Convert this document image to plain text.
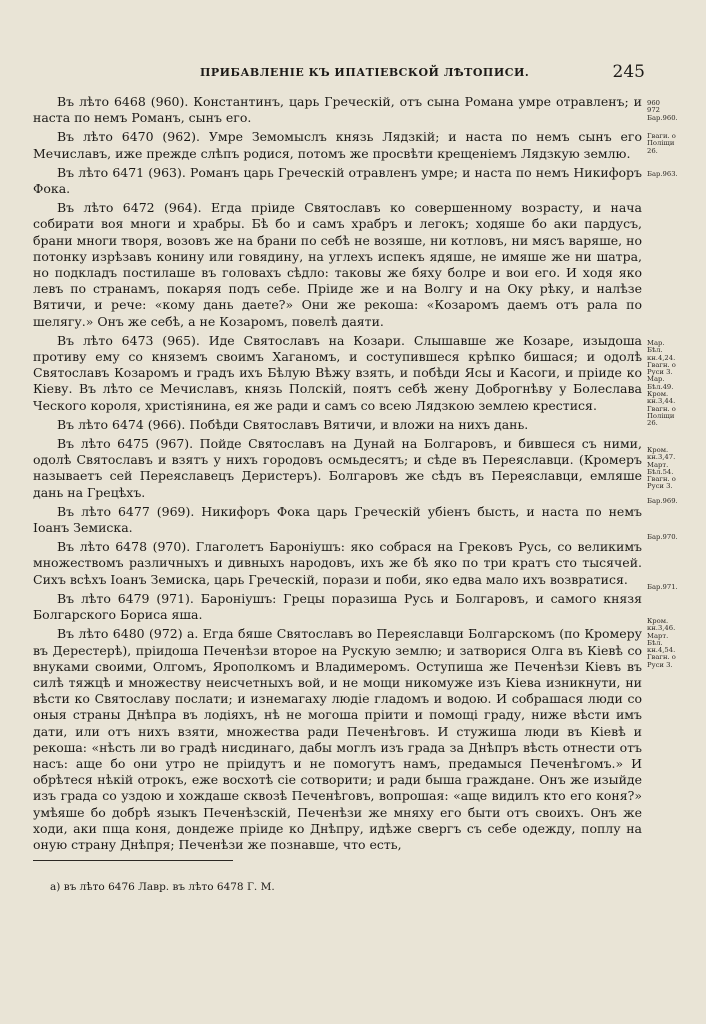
ПРИБАВЛЕНІЕ КЪ ИПАТІЕВСКОЙ ЛѢТОПИСИ.	245

Въ лѣто 6468 (960). Константинъ, царь Греческій, отъ сына Романа умре отравленъ; и наста по немъ Романъ, сынъ его.

Въ лѣто 6470 (962). Умре Земомыслъ князь Лядзкій; и наста по немъ сынъ его Мечиславъ, иже прежде слѣпъ родися, потомъ же просвѣти крещеніемъ Лядзкую землю.

Въ лѣто 6471 (963). Романъ царь Греческій отравленъ умре; и наста по немъ Никифоръ Фока.

Въ лѣто 6472 (964). Егда пріиде Святославъ ко совершенному возрасту, и нача собирати воя многи и храбры. Бѣ бо и самъ храбръ и легокъ; ходяше бо аки пардусъ, брани многи творя, возовъ же на брани по себѣ не возяше, ни котловъ, ни мясъ варяше, но потонку изрѣзавъ конину или говядину, на углехъ испекъ ядяше, не имяше же ни шатра, но подкладъ постилаше въ головахъ сѣдло: таковы же бяху болре и вои его. И ходя яко левъ по странамъ, покаряя подъ себе. Пріиде же и на Волгу и на Оку рѣку, и налѣзе Вятичи, и рече: «кому дань даете?» Они же рекоша: «Козаромъ даемъ отъ рала по шелягу.» Онъ же себѣ, а не Козаромъ, повелѣ даяти.

Въ лѣто 6473 (965). Иде Святославъ на Козари. Слышавше же Козаре, изыдоша противу ему со княземъ своимъ Хаганомъ, и соступившеся крѣпко бишася; и одолѣ Святославъ Козаромъ и градъ ихъ Бѣлую Вѣжу взять, и побѣди Ясы и Касоги, и пріиде ко Кіеву. Въ лѣто се Мечиславъ, князь Полскій, поятъ себѣ жену Доброгнѣву у Болеслава Ческого короля, христіянина, ея же ради и самъ со всею Лядзкою землею крестися.

Въ лѣто 6474 (966). Побѣди Святославъ Вятичи, и вложи на нихъ дань.

Въ лѣто 6475 (967). Пойде Святославъ на Дунай на Болгаровъ, и бившеся съ ними, одолѣ Святославъ и взятъ у нихъ городовъ осмьдесятъ; и сѣде въ Переяславци. (Кромеръ называетъ сей Переяславецъ Деристеръ). Болгаровъ же сѣдъ въ Переяславци, емляше дань на Грецѣхъ.

Въ лѣто 6477 (969). Никифоръ Фока царь Греческій убіенъ бысть, и наста по немъ Іоанъ Земиска.

Въ лѣто 6478 (970). Глаголетъ Бароніушъ: яко собрася на Грековъ Русь, со великимъ множествомъ различныхъ и дивныхъ народовъ, ихъ же бѣ яко по три кратъ сто тысячей. Сихъ всѣхъ Іоанъ Земиска, царь Греческій, порази и поби, яко едва мало ихъ возвратися.

Въ лѣто 6479 (971). Бароніушъ: Грецы поразиша Русь и Болгаровъ, и самого князя Болгарского Бориса яша.

Въ лѣто 6480 (972) а. Егда бяше Святославъ во Переяславци Болгарскомъ (по Кромеру въ Дерестерѣ), пріидоша Печенѣзи второе на Рускую землю; и затворися Олга въ Кіевѣ со внуками своими, Олгомъ, Ярополкомъ и Владимеромъ. Оступиша же Печенѣзи Кіевъ въ силѣ тяжцѣ и множеству неисчетныхъ вой, и не мощи никомуже изъ Кіева изникнути, ни вѣсти ко Святославу послати; и изнемагаху людіе гладомъ и водою. И собрашася люди со оныя страны Днѣпра въ лодіяхъ, нѣ не могоша пріити и помощі граду, ниже вѣсти имъ дати, или отъ нихъ взяти, множества ради Печенѣговъ. И стужиша люди въ Кіевѣ и рекоша: «нѣсть ли во градѣ нисдинаго, дабы моглъ изъ града за Днѣпръ вѣсть отнести отъ насъ: аще бо они утро не пріидутъ и не помогутъ намъ, предамыся Печенѣгомъ.» И обрѣтеся нѣкій отрокъ, еже восхотѣ сіе сотворити; и ради быша граждане. Онъ же изыйде изъ града со уздою и хождаше сквозѣ Печенѣговъ, вопрошая: «аще видилъ кто его коня?» умѣяше бо добрѣ языкъ Печенѣзскій, Печенѣзи же мняху его быти отъ своихъ. Онъ же ходи, аки пща коня, дондеже пріиде ко Днѣпру, идѣже свергъ съ себе одежду, поплу на оную страну Днѣпря; Печенѣзи же познавше, что есть,

960
972
Бар.960.
Гваги. о
Поліщи
26.
Бар.963.
Мар.
Бѣл.
кн.4,24.
Гвагн. о
Руси 3.
Мар.
Бѣл.49.
Кром.
кн.3,44.
Гвагн. о
Поліщи
26.
Кром.
кн.3,47.
Март.
Бѣл.54.
Гвагн. о
Руси 3.
Бар.969.
Бар.970.
Бар.971.
Кром.
кн.3,46.
Март.
Бѣл.
кн.4,54.
Гвагн. о
Руси 3.
а) въ лѣто 6476 Лавр. въ лѣто 6478 Г. М.
